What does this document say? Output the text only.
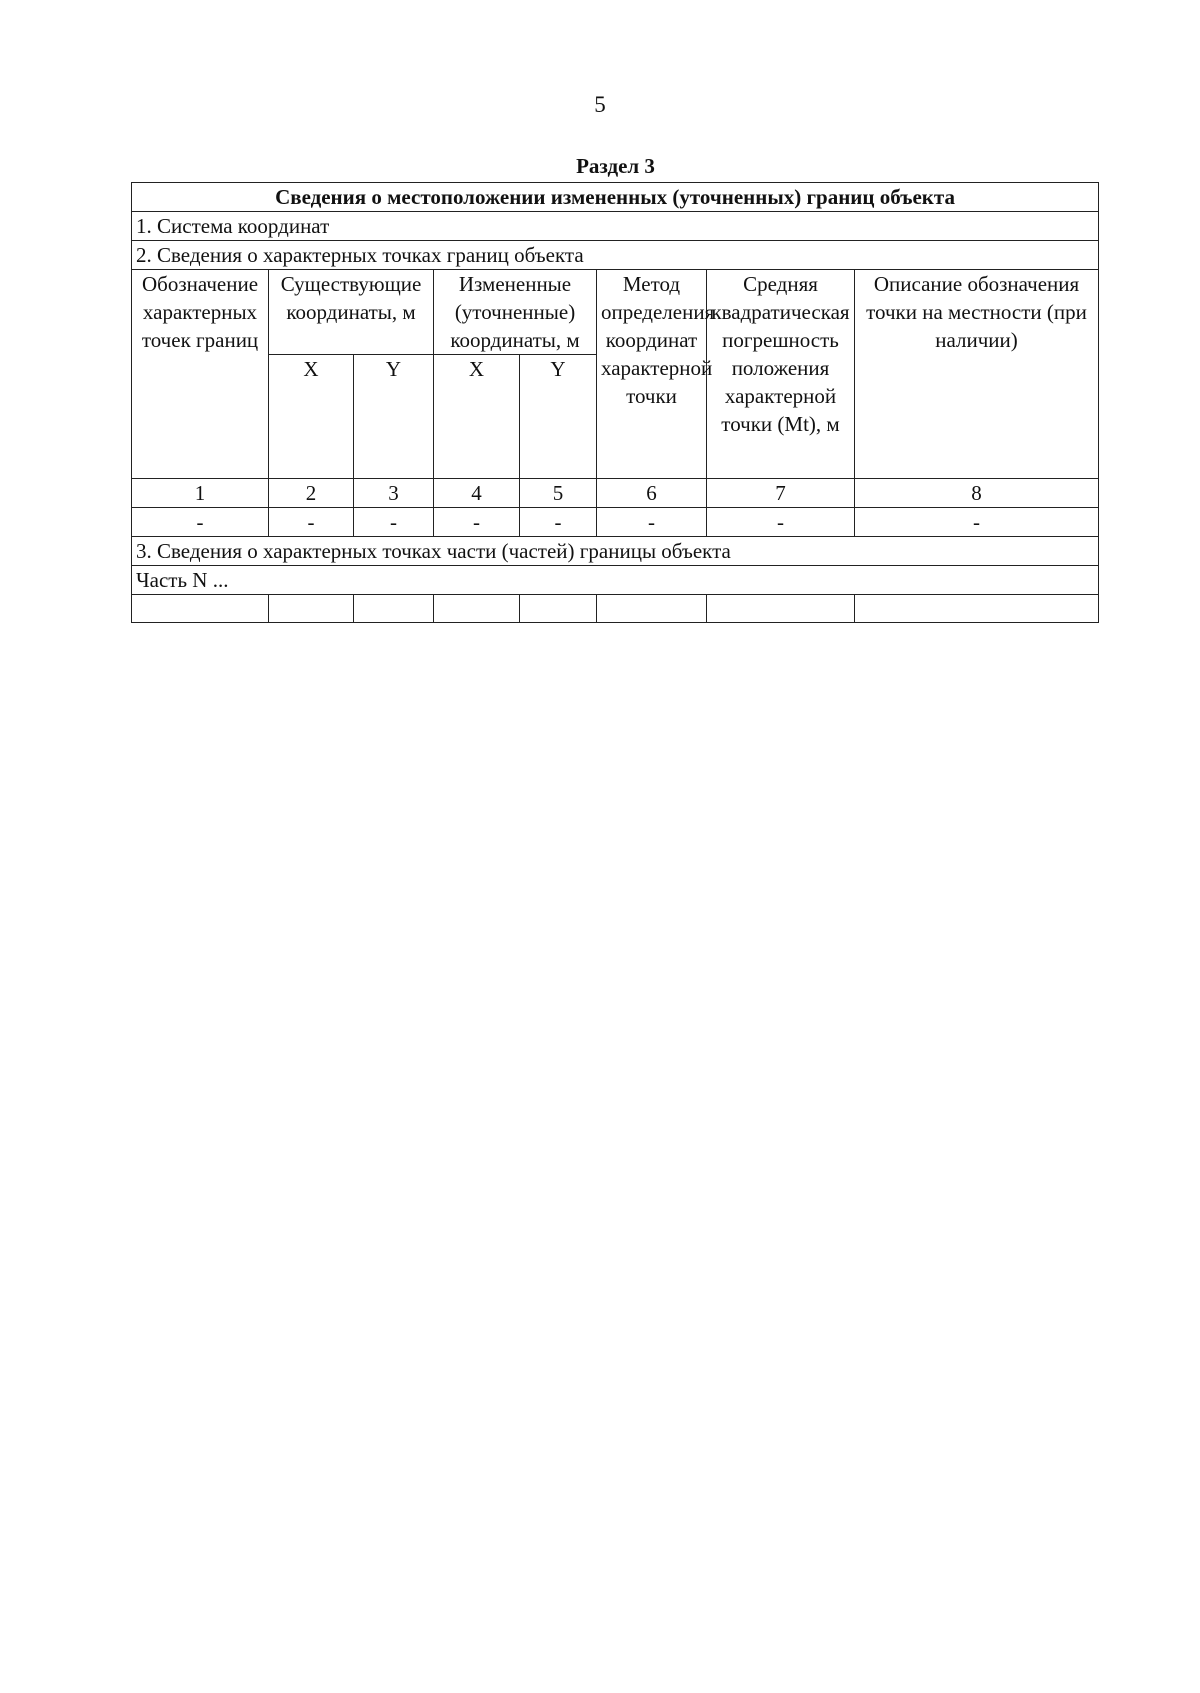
5
Раздел 3
Сведения о местоположении измененных (уточненных) границ объекта							
1. Система координат							
2. Сведения о характерных точках границ объекта							
Обозначение характерных точек границ	Существующие координаты, м		Измененные (уточненные) координаты, м		Метод определения координат характерной точки	Средняя квадратическая погрешность положения характерной точки (Mt), м	Описание обозначения точки на местности (при наличии)
	X	Y	X	Y			
1	2	3	4	5	6	7	8
-	-	-	-	-	-	-	-
3. Сведения о характерных точках части (частей) границы объекта							
Часть N ...							
